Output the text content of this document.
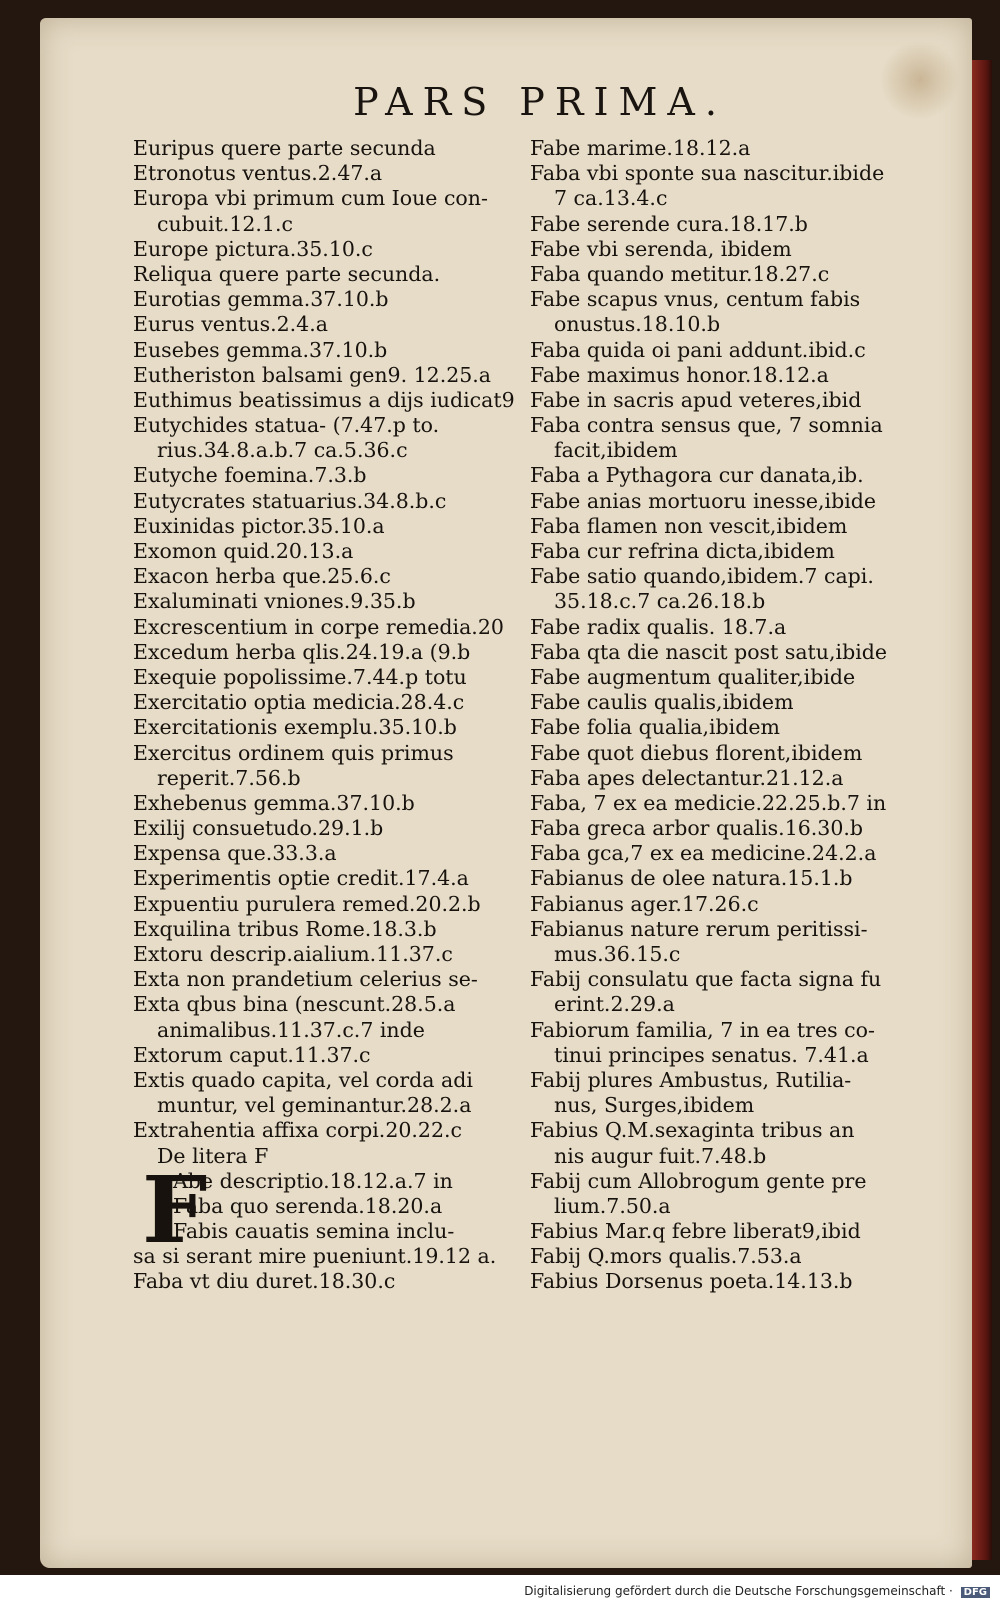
PARS PRIMA.
Euripus quere parte secunda
Etronotus ventus.2.47.a
Europa vbi primum cum Ioue con-
cubuit.12.1.c
Europe pictura.35.10.c
Reliqua quere parte secunda.
Eurotias gemma.37.10.b
Eurus ventus.2.4.a
Eusebes gemma.37.10.b
Eutheriston balsami gen9. 12.25.a
Euthimus beatissimus a dijs iudicat9
Eutychides statua- (7.47.p to.
rius.34.8.a.b.7 ca.5.36.c
Eutyche foemina.7.3.b
Eutycrates statuarius.34.8.b.c
Euxinidas pictor.35.10.a
Exomon quid.20.13.a
Exacon herba que.25.6.c
Exaluminati vniones.9.35.b
Excrescentium in corpe remedia.20
Excedum herba qlis.24.19.a (9.b
Exequie popolissime.7.44.p totu
Exercitatio optia medicia.28.4.c
Exercitationis exemplu.35.10.b
Exercitus ordinem quis primus
reperit.7.56.b
Exhebenus gemma.37.10.b
Exilij consuetudo.29.1.b
Expensa que.33.3.a
Experimentis optie credit.17.4.a
Expuentiu purulera remed.20.2.b
Exquilina tribus Rome.18.3.b
Extoru descrip.aialium.11.37.c
Exta non prandetium celerius se-
Exta qbus bina (nescunt.28.5.a
animalibus.11.37.c.7 inde
Extorum caput.11.37.c
Extis quado capita, vel corda adi
muntur, vel geminantur.28.2.a
Extrahentia affixa corpi.20.22.c
De litera F
Abe descriptio.18.12.a.7 in
Faba quo serenda.18.20.a
Fabis cauatis semina inclu-
sa si serant mire pueniunt.19.12 a.
Faba vt diu duret.18.30.c
Fabe marime.18.12.a
Faba vbi sponte sua nascitur.ibide
7 ca.13.4.c
Fabe serende cura.18.17.b
Fabe vbi serenda, ibidem
Faba quando metitur.18.27.c
Fabe scapus vnus, centum fabis
onustus.18.10.b
Faba quida oi pani addunt.ibid.c
Fabe maximus honor.18.12.a
Fabe in sacris apud veteres,ibid
Faba contra sensus que, 7 somnia
facit,ibidem
Faba a Pythagora cur danata,ib.
Fabe anias mortuoru inesse,ibide
Faba flamen non vescit,ibidem
Faba cur refrina dicta,ibidem
Fabe satio quando,ibidem.7 capi.
35.18.c.7 ca.26.18.b
Fabe radix qualis. 18.7.a
Faba qta die nascit post satu,ibide
Fabe augmentum qualiter,ibide
Fabe caulis qualis,ibidem
Fabe folia qualia,ibidem
Fabe quot diebus florent,ibidem
Faba apes delectantur.21.12.a
Faba, 7 ex ea medicie.22.25.b.7 in
Faba greca arbor qualis.16.30.b
Faba gca,7 ex ea medicine.24.2.a
Fabianus de olee natura.15.1.b
Fabianus ager.17.26.c
Fabianus nature rerum peritissi-
mus.36.15.c
Fabij consulatu que facta signa fu
erint.2.29.a
Fabiorum familia, 7 in ea tres co-
tinui principes senatus. 7.41.a
Fabij plures Ambustus, Rutilia-
nus, Surges,ibidem
Fabius Q.M.sexaginta tribus an
nis augur fuit.7.48.b
Fabij cum Allobrogum gente pre
lium.7.50.a
Fabius Mar.q febre liberat9,ibid
Fabij Q.mors qualis.7.53.a
Fabius Dorsenus poeta.14.13.b
F
Digitalisierung gefördert durch die Deutsche Forschungsgemeinschaft · DFG
